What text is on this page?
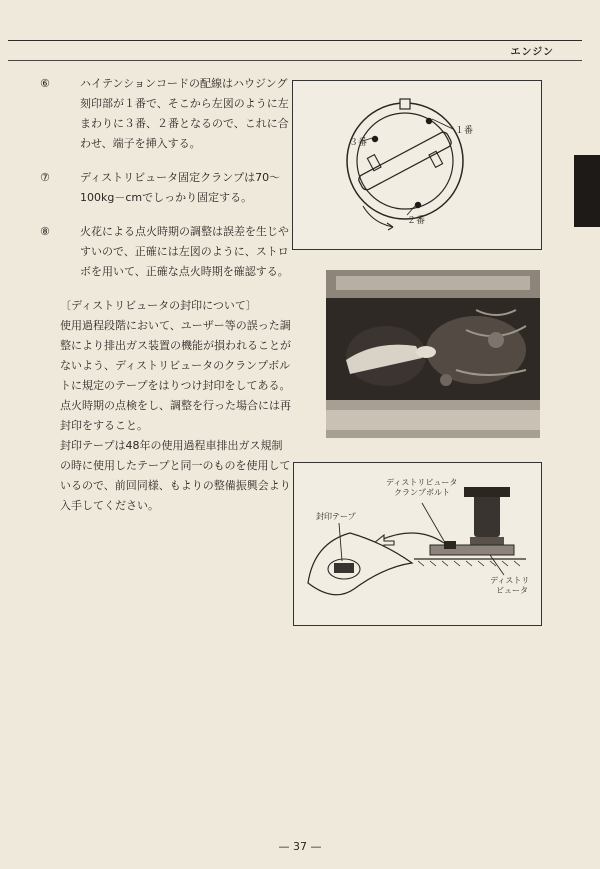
エンジン
⑥	ハイテンションコードの配線はハウジング刻印部が１番で、そこから左図のように左まわりに３番、２番となるので、これに合わせ、端子を挿入する。
⑦	ディストリビュータ固定クランプは70～100kg－cmでしっかり固定する。
⑧	火花による点火時期の調整は誤差を生じやすいので、正確には左図のように、ストロボを用いて、正確な点火時期を確認する。

〔ディストリビュータの封印について〕

使用過程段階において、ユーザー等の誤った調整により排出ガス装置の機能が損われることがないよう、ディストリビュータのクランプボルトに規定のテープをはりつけ封印をしてある。点火時期の点検をし、調整を行った場合には再封印をすること。

封印テープは48年の使用過程車排出ガス規制の時に使用したテープと同一のものを使用しているので、前回同様、もよりの整備振興会より入手してください。

１番
３番
２番
ディストリビュータ クランプボルト
封印テープ
ディストリ ビュータ
— 37 —
